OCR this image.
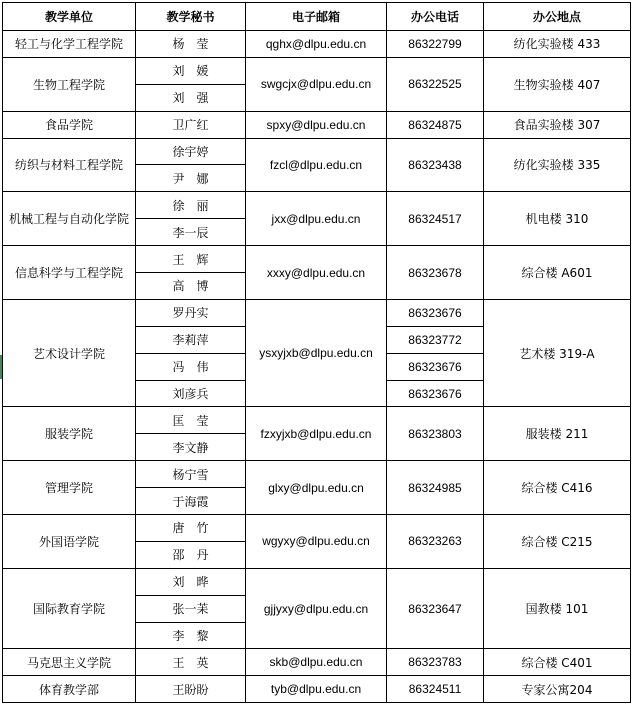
教学单位	教学秘书	电子邮箱	办公电话	办公地点
轻工与化学工程学院	杨　莹	qghx@dlpu.edu.cn	86322799	纺化实验楼 433
生物工程学院	刘　媛	swgcjx@dlpu.edu.cn	86322525	生物实验楼 407
	刘　强			
食品学院	卫广红	spxy@dlpu.edu.cn	86324875	食品实验楼 307
纺织与材料工程学院	徐宇婷	fzcl@dlpu.edu.cn	86323438	纺化实验楼 335
	尹　娜			
机械工程与自动化学院	徐　丽	jxx@dlpu.edu.cn	86324517	机电楼 310
	李一辰			
信息科学与工程学院	王　辉	xxxy@dlpu.edu.cn	86323678	综合楼 A601
	高　博			
艺术设计学院	罗丹实	ysxyjxb@dlpu.edu.cn	86323676	艺术楼 319-A
	李莉萍		86323772	
	冯　伟		86323676	
	刘彦兵		86323676	
服装学院	匡　莹	fzxyjxb@dlpu.edu.cn	86323803	服装楼 211
	李文静			
管理学院	杨宁雪	glxy@dlpu.edu.cn	86324985	综合楼 C416
	于海霞			
外国语学院	唐　竹	wgyxy@dlpu.edu.cn	86323263	综合楼 C215
	邵　丹			
国际教育学院	刘　晔	gjjyxy@dlpu.edu.cn	86323647	国教楼 101
	张一苿			
	李　黎			
马克思主义学院	王　英	skb@dlpu.edu.cn	86323783	综合楼 C401
体育教学部	王盼盼	tyb@dlpu.edu.cn	86324511	专家公寓204
